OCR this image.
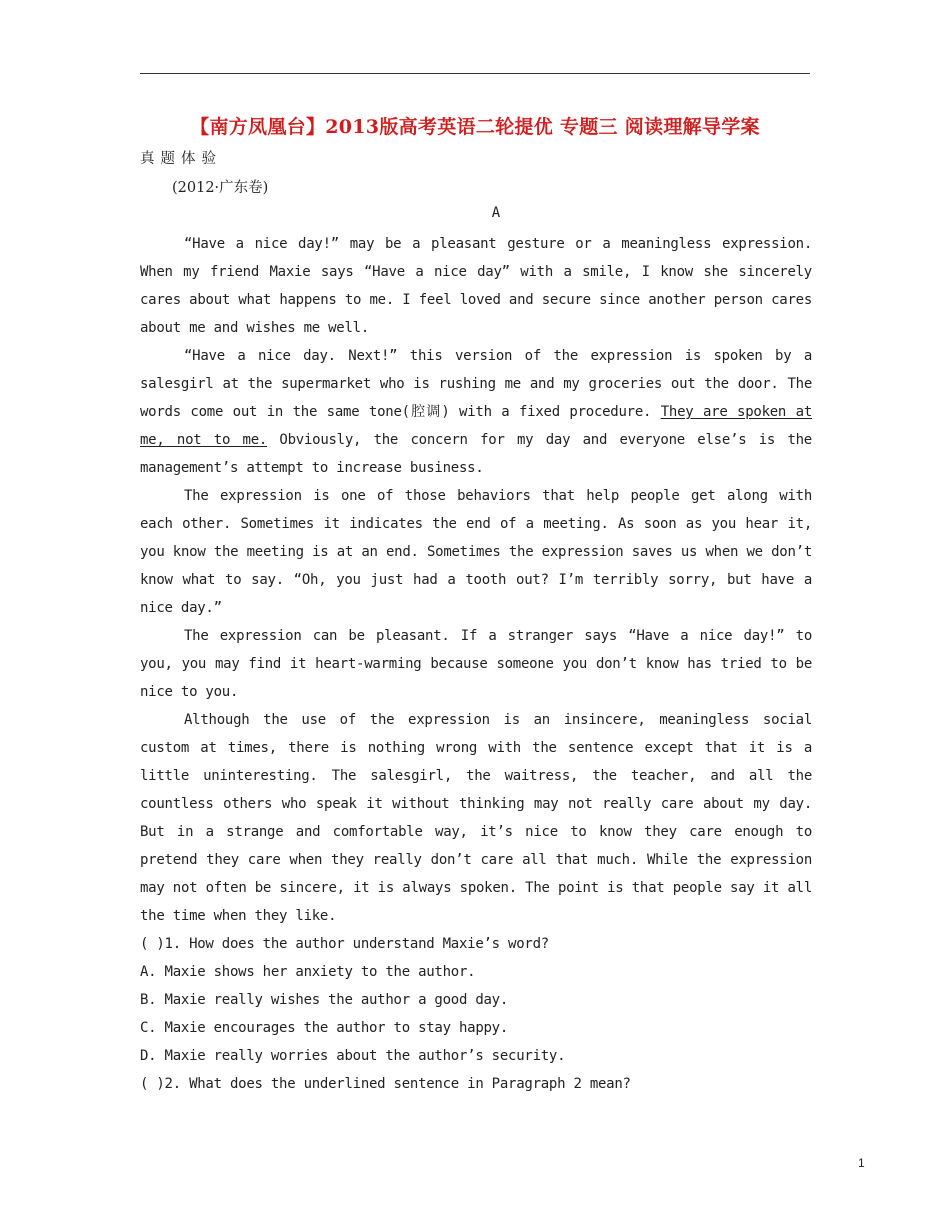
【南方凤凰台】2013版高考英语二轮提优 专题三 阅读理解导学案
真题体验
(2012·广东卷)
A

“Have a nice day!” may be a pleasant gesture or a meaningless expression. When my friend Maxie says “Have a nice day” with a smile, I know she sincerely cares about what happens to me. I feel loved and secure since another person cares about me and wishes me well.

“Have a nice day. Next!” this version of the expression is spoken by a salesgirl at the supermarket who is rushing me and my groceries out the door. The words come out in the same tone(腔调) with a fixed procedure. They are spoken at me, not to me. Obviously, the concern for my day and everyone else’s is the management’s attempt to increase business.

The expression is one of those behaviors that help people get along with each other. Sometimes it indicates the end of a meeting. As soon as you hear it, you know the meeting is at an end. Sometimes the expression saves us when we don’t know what to say. “Oh, you just had a tooth out? I’m terribly sorry, but have a nice day.”

The expression can be pleasant. If a stranger says “Have a nice day!” to you, you may find it heart-warming because someone you don’t know has tried to be nice to you.

Although the use of the expression is an insincere, meaningless social custom at times, there is nothing wrong with the sentence except that it is a little uninteresting. The salesgirl, the waitress, the teacher, and all the countless others who speak it without thinking may not really care about my day. But in a strange and comfortable way, it’s nice to know they care enough to pretend they care when they really don’t care all that much. While the expression may not often be sincere, it is always spoken. The point is that people say it all the time when they like.

( )1. How does the author understand Maxie’s word?

A. Maxie shows her anxiety to the author.

B. Maxie really wishes the author a good day.

C. Maxie encourages the author to stay happy.

D. Maxie really worries about the author’s security.

( )2. What does the underlined sentence in Paragraph 2 mean?

1
